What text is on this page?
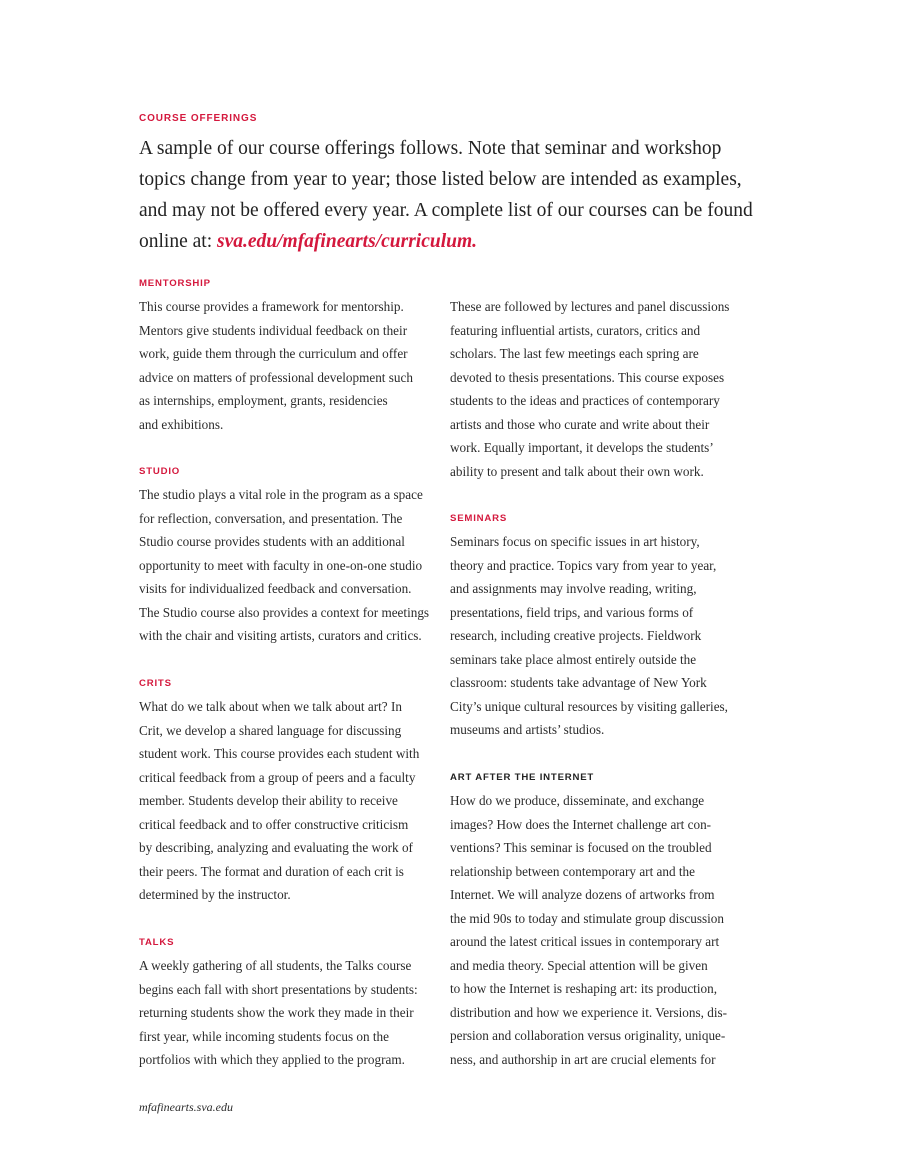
COURSE OFFERINGS
A sample of our course offerings follows. Note that seminar and workshop topics change from year to year; those listed below are intended as examples, and may not be offered every year. A complete list of our courses can be found online at: sva.edu/mfafinearts/curriculum.
MENTORSHIP
This course provides a framework for mentorship.
Mentors give students individual feedback on their
work, guide them through the curriculum and offer
advice on matters of professional development such
as internships, employment, grants, residencies
and exhibitions.
STUDIO
The studio plays a vital role in the program as a space
for reflection, conversation, and presentation. The
Studio course provides students with an additional
opportunity to meet with faculty in one-on-one studio
visits for individualized feedback and conversation.
The Studio course also provides a context for meetings
with the chair and visiting artists, curators and critics.
CRITS
What do we talk about when we talk about art? In
Crit, we develop a shared language for discussing
student work. This course provides each student with
critical feedback from a group of peers and a faculty
member. Students develop their ability to receive
critical feedback and to offer constructive criticism
by describing, analyzing and evaluating the work of
their peers. The format and duration of each crit is
determined by the instructor.
TALKS
A weekly gathering of all students, the Talks course
begins each fall with short presentations by students:
returning students show the work they made in their
first year, while incoming students focus on the
portfolios with which they applied to the program.
These are followed by lectures and panel discussions
featuring influential artists, curators, critics and
scholars. The last few meetings each spring are
devoted to thesis presentations. This course exposes
students to the ideas and practices of contemporary
artists and those who curate and write about their
work. Equally important, it develops the students’
ability to present and talk about their own work.
SEMINARS
Seminars focus on specific issues in art history,
theory and practice. Topics vary from year to year,
and assignments may involve reading, writing,
presentations, field trips, and various forms of
research, including creative projects. Fieldwork
seminars take place almost entirely outside the
classroom: students take advantage of New York
City’s unique cultural resources by visiting galleries,
museums and artists’ studios.
ART AFTER THE INTERNET
How do we produce, disseminate, and exchange
images? How does the Internet challenge art con-
ventions? This seminar is focused on the troubled
relationship between contemporary art and the
Internet. We will analyze dozens of artworks from
the mid 90s to today and stimulate group discussion
around the latest critical issues in contemporary art
and media theory. Special attention will be given
to how the Internet is reshaping art: its production,
distribution and how we experience it. Versions, dis-
persion and collaboration versus originality, unique-
ness, and authorship in art are crucial elements for
mfafinearts.sva.edu
